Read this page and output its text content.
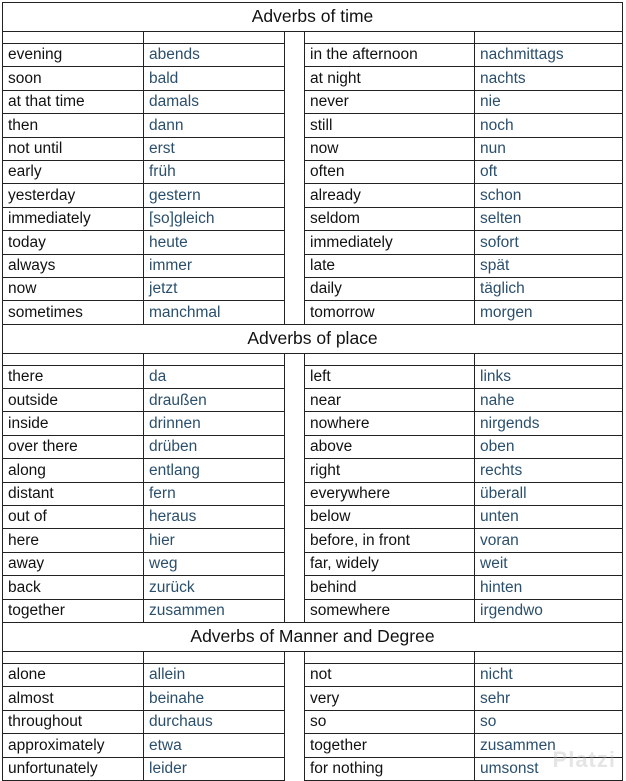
Adverbs of time				

evening	abends		in the afternoon	nachmittags
soon	bald		at night	nachts
at that time	damals		never	nie
then	dann		still	noch
not until	erst		now	nun
early	früh		often	oft
yesterday	gestern		already	schon
immediately	[so]gleich		seldom	selten
today	heute		immediately	sofort
always	immer		late	spät
now	jetzt		daily	täglich
sometimes	manchmal		tomorrow	morgen
Adverbs of place				

there	da		left	links
outside	draußen		near	nahe
inside	drinnen		nowhere	nirgends
over there	drüben		above	oben
along	entlang		right	rechts
distant	fern		everywhere	überall
out of	heraus		below	unten
here	hier		before, in front	voran
away	weg		far, widely	weit
back	zurück		behind	hinten
together	zusammen		somewhere	irgendwo
Adverbs of Manner and Degree				

alone	allein		not	nicht
almost	beinahe		very	sehr
throughout	durchaus		so	so
approximately	etwa		together	zusammen
unfortunately	leider		for nothing	umsonst Platzi
